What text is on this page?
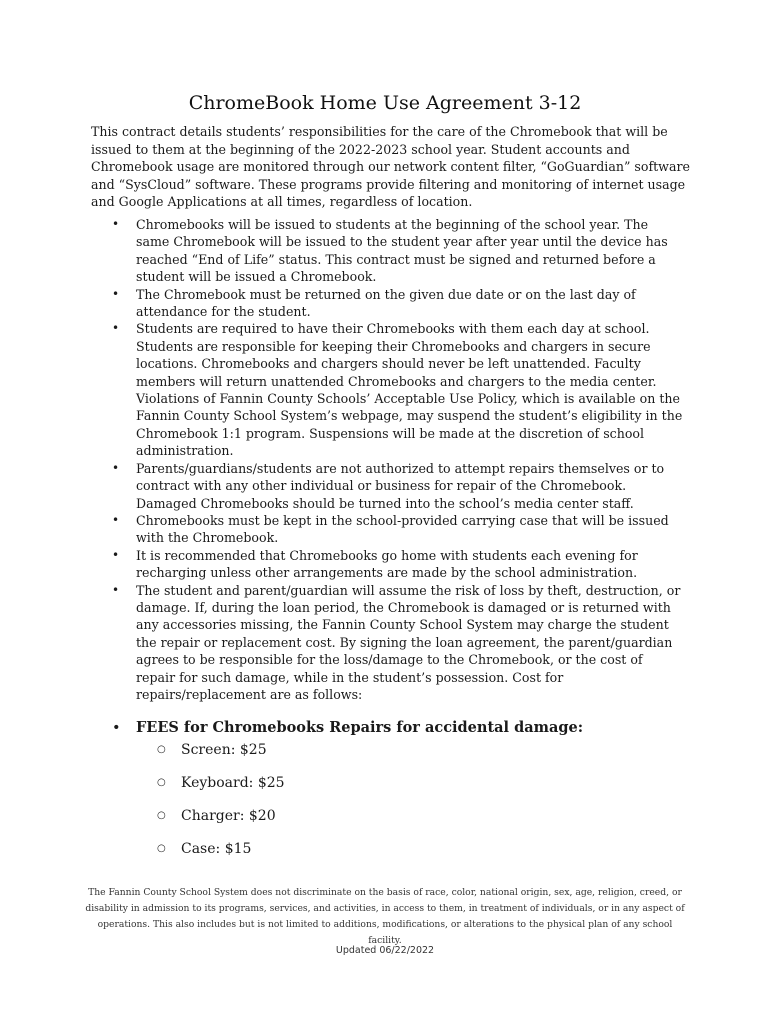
ChromeBook Home Use Agreement 3-12

This contract details students’ responsibilities for the care of the Chromebook that will be issued to them at the beginning of the 2022-2023 school year. Student accounts and Chromebook usage are monitored through our network content filter, “GoGuardian” software and “SysCloud” software. These programs provide filtering and monitoring of internet usage and Google Applications at all times, regardless of location.

• Chromebooks will be issued to students at the beginning of the school year. The same Chromebook will be issued to the student year after year until the device has reached “End of Life” status. This contract must be signed and returned before a student will be issued a Chromebook.
• The Chromebook must be returned on the given due date or on the last day of attendance for the student.
• Students are required to have their Chromebooks with them each day at school. Students are responsible for keeping their Chromebooks and chargers in secure locations. Chromebooks and chargers should never be left unattended. Faculty members will return unattended Chromebooks and chargers to the media center. Violations of Fannin County Schools’ Acceptable Use Policy, which is available on the Fannin County School System’s webpage, may suspend the student’s eligibility in the Chromebook 1:1 program. Suspensions will be made at the discretion of school administration.
• Parents/guardians/students are not authorized to attempt repairs themselves or to contract with any other individual or business for repair of the Chromebook. Damaged Chromebooks should be turned into the school’s media center staff.
• Chromebooks must be kept in the school-provided carrying case that will be issued with the Chromebook.
• It is recommended that Chromebooks go home with students each evening for recharging unless other arrangements are made by the school administration.
• The student and parent/guardian will assume the risk of loss by theft, destruction, or damage. If, during the loan period, the Chromebook is damaged or is returned with any accessories missing, the Fannin County School System may charge the student the repair or replacement cost. By signing the loan agreement, the parent/guardian agrees to be responsible for the loss/damage to the Chromebook, or the cost of repair for such damage, while in the student’s possession. Cost for repairs/replacement are as follows:
• FEES for Chromebooks Repairs for accidental damage:
○ Screen: $25
○ Keyboard: $25
○ Charger: $20
○ Case: $15

The Fannin County School System does not discriminate on the basis of race, color, national origin, sex, age, religion, creed, or disability in admission to its programs, services, and activities, in access to them, in treatment of individuals, or in any aspect of operations. This also includes but is not limited to additions, modifications, or alterations to the physical plan of any school facility.

Updated 06/22/2022
